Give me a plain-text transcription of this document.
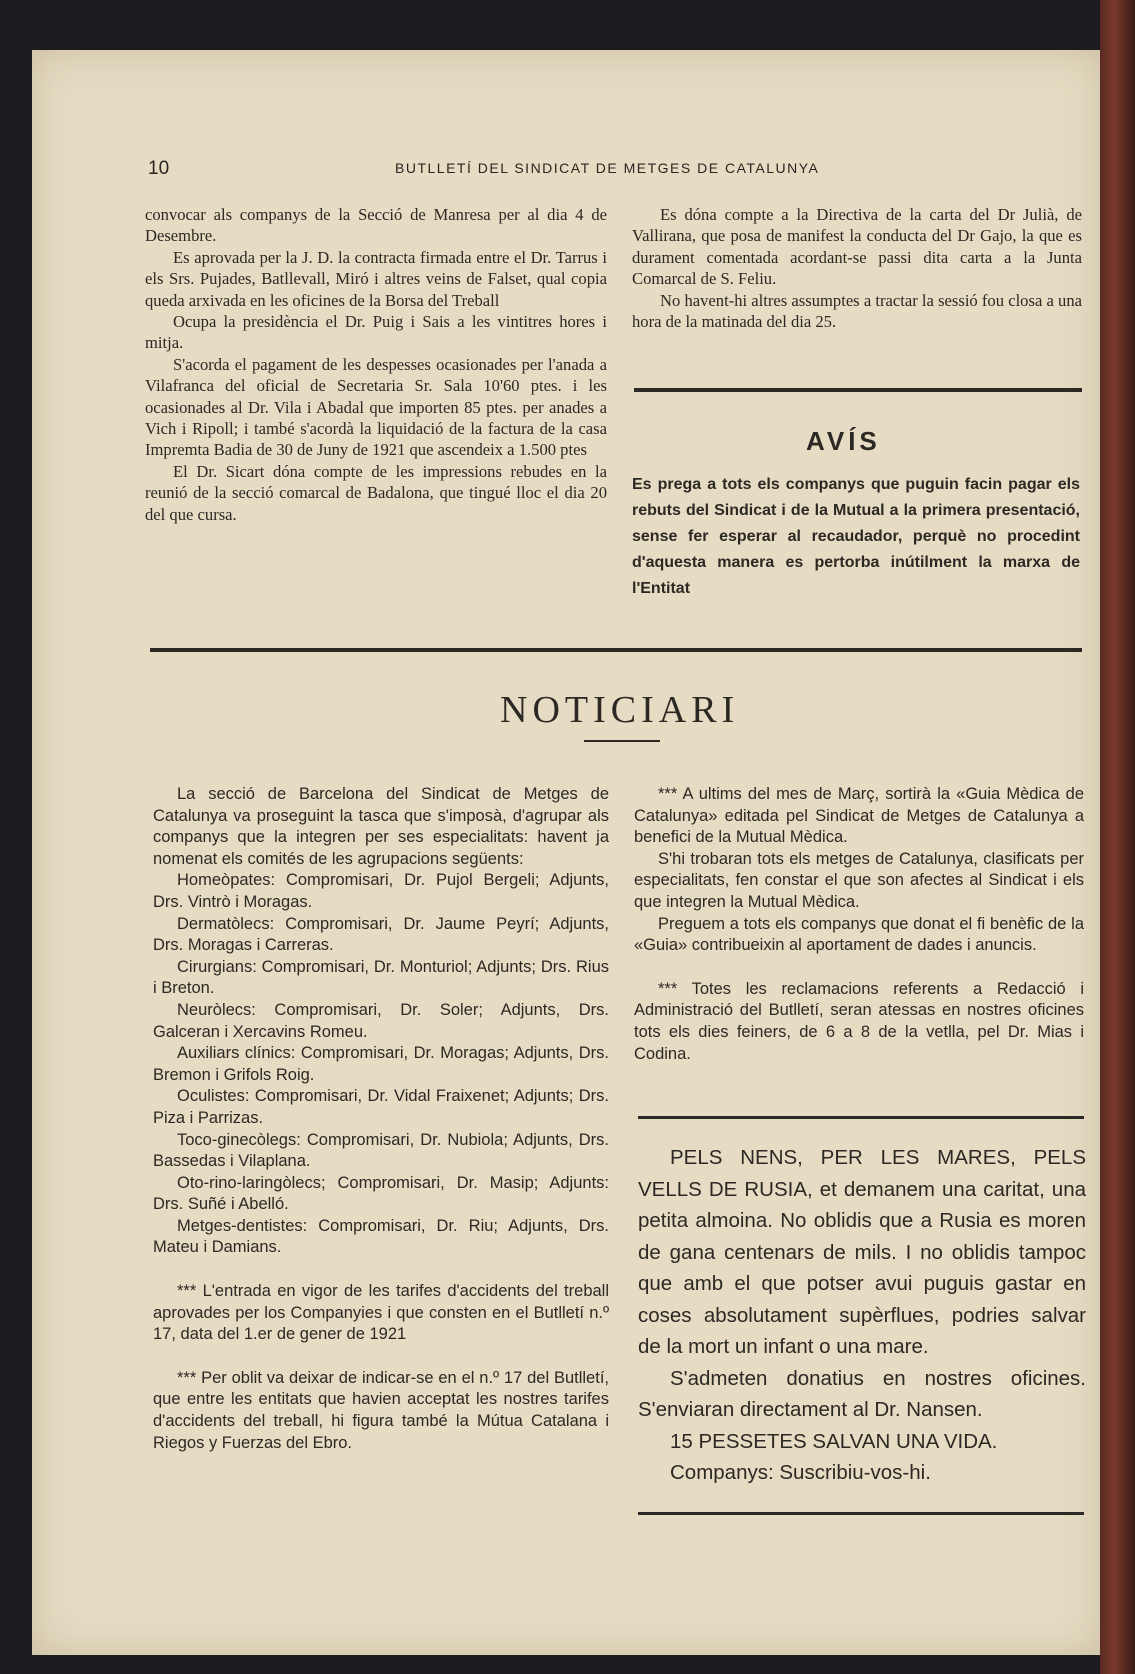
10	BUTLLETÍ DEL SINDICAT DE METGES DE CATALUNYA

convocar als companys de la Secció de Manresa per al dia 4 de Desembre.

Es aprovada per la J. D. la contracta firmada entre el Dr. Tarrus i els Srs. Pujades, Batllevall, Miró i altres veins de Falset, qual copia queda arxivada en les oficines de la Borsa del Treball

Ocupa la presidència el Dr. Puig i Sais a les vintitres hores i mitja.

S'acorda el pagament de les despesses ocasionades per l'anada a Vilafranca del oficial de Secretaria Sr. Sala 10'60 ptes. i les ocasionades al Dr. Vila i Abadal que importen 85 ptes. per anades a Vich i Ripoll; i també s'acordà la liquidació de la factura de la casa Impremta Badia de 30 de Juny de 1921 que ascendeix a 1.500 ptes

El Dr. Sicart dóna compte de les impressions rebudes en la reunió de la secció comarcal de Badalona, que tingué lloc el dia 20 del que cursa.

Es dóna compte a la Directiva de la carta del Dr Julià, de Vallirana, que posa de manifest la conducta del Dr Gajo, la que es durament comentada acordant-se passi dita carta a la Junta Comarcal de S. Feliu.

No havent-hi altres assumptes a tractar la sessió fou closa a una hora de la matinada del dia 25.

AVÍS
Es prega a tots els companys que puguin facin pagar els rebuts del Sindicat i de la Mutual a la primera presentació, sense fer esperar al recaudador, perquè no procedint d'aquesta manera es pertorba inútilment la marxa de l'Entitat
NOTICIARI

La secció de Barcelona del Sindicat de Metges de Catalunya va proseguint la tasca que s'imposà, d'agrupar als companys que la integren per ses especialitats: havent ja nomenat els comités de les agrupacions següents:

Homeòpates: Compromisari, Dr. Pujol Bergeli; Adjunts, Drs. Vintrò i Moragas.

Dermatòlecs: Compromisari, Dr. Jaume Peyrí; Adjunts, Drs. Moragas i Carreras.

Cirurgians: Compromisari, Dr. Monturiol; Adjunts; Drs. Rius i Breton.

Neuròlecs: Compromisari, Dr. Soler; Adjunts, Drs. Galceran i Xercavins Romeu.

Auxiliars clínics: Compromisari, Dr. Moragas; Adjunts, Drs. Bremon i Grifols Roig.

Oculistes: Compromisari, Dr. Vidal Fraixenet; Adjunts; Drs. Piza i Parrizas.

Toco-ginecòlegs: Compromisari, Dr. Nubiola; Adjunts, Drs. Bassedas i Vilaplana.

Oto-rino-laringòlecs; Compromisari, Dr. Masip; Adjunts: Drs. Suñé i Abelló.

Metges-dentistes: Compromisari, Dr. Riu; Adjunts, Drs. Mateu i Damians.

*** L'entrada en vigor de les tarifes d'accidents del treball aprovades per los Companyies i que consten en el Butlletí n.º 17, data del 1.er de gener de 1921

*** Per oblit va deixar de indicar-se en el n.º 17 del Butlletí, que entre les entitats que havien acceptat les nostres tarifes d'accidents del treball, hi figura també la Mútua Catalana i Riegos y Fuerzas del Ebro.

*** A ultims del mes de Març, sortirà la «Guia Mèdica de Catalunya» editada pel Sindicat de Metges de Catalunya a benefici de la Mutual Mèdica.

S'hi trobaran tots els metges de Catalunya, clasificats per especialitats, fen constar el que son afectes al Sindicat i els que integren la Mutual Mèdica.

Preguem a tots els companys que donat el fi benèfic de la «Guia» contribueixin al aportament de dades i anuncis.

*** Totes les reclamacions referents a Redacció i Administració del Butlletí, seran atessas en nostres oficines tots els dies feiners, de 6 a 8 de la vetlla, pel Dr. Mias i Codina.

PELS NENS, PER LES MARES, PELS VELLS DE RUSIA, et demanem una caritat, una petita almoina. No oblidis que a Rusia es moren de gana centenars de mils. I no oblidis tampoc que amb el que potser avui puguis gastar en coses absolutament supèrflues, podries salvar de la mort un infant o una mare.

S'admeten donatius en nostres oficines. S'enviaran directament al Dr. Nansen.

15 PESSETES SALVAN UNA VIDA.

Companys: Suscribiu-vos-hi.
